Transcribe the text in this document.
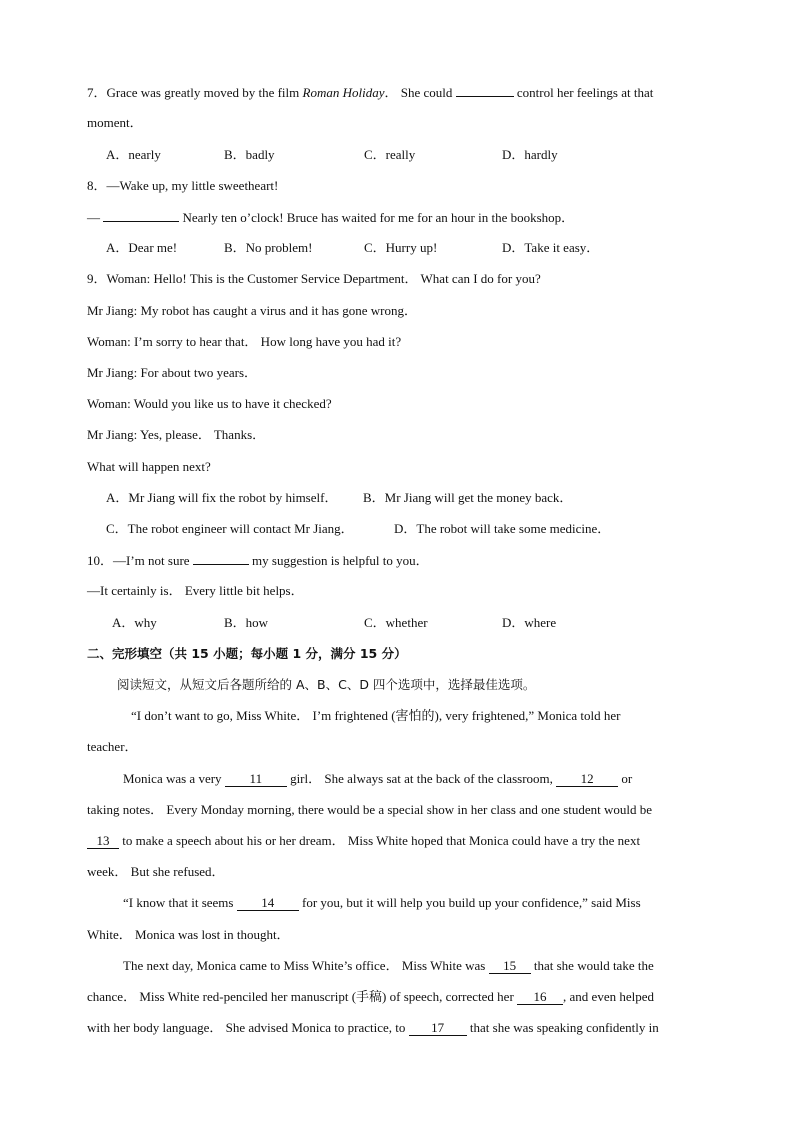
7．Grace was greatly moved by the film Roman Holiday． She could	control her feelings at that
moment．
A．nearly	B．badly	C．really	D．hardly
8．—Wake up, my little sweetheart!
—	Nearly ten o’clock! Bruce has waited for me for an hour in the bookshop．
A．Dear me!	B．No problem!	C．Hurry up!	D．Take it easy．
9．Woman: Hello! This is the Customer Service Department． What can I do for you?
Mr Jiang: My robot has caught a virus and it has gone wrong．
Woman: I’m sorry to hear that． How long have you had it?
Mr Jiang: For about two years．
Woman: Would you like us to have it checked?
Mr Jiang: Yes, please． Thanks．
What will happen next?
A．Mr Jiang will fix the robot by himself． B．Mr Jiang will get the money back．
C．The robot engineer will contact Mr Jiang．	D．The robot will take some medicine．
10．—I’m not sure	my suggestion is helpful to you．
—It certainly is． Every little bit helps．
A．why	B．how	C．whether	D．where
二、完形填空（共 15 小题；每小题 1 分，满分 15 分）
阅读短文，从短文后各题所给的 A、B、C、D 四个选项中，选择最佳选项。
“I don’t want to go, Miss White． I’m frightened (害怕的), very frightened,” Monica told her
teacher．
Monica was a very 11 girl． She always sat at the back of the classroom, 12 or
taking notes． Every Monday morning, there would be a special show in her class and one student would be
13 to make a speech about his or her dream． Miss White hoped that Monica could have a try the next
week． But she refused．
“I know that it seems 14 for you, but it will help you build up your confidence,” said Miss
White． Monica was lost in thought．
The next day, Monica came to Miss White’s office． Miss White was 15 that she would take the
chance． Miss White red-penciled her manuscript (手稿) of speech, corrected her 16 , and even helped
with her body language． She advised Monica to practice, to 17 that she was speaking confidently in
